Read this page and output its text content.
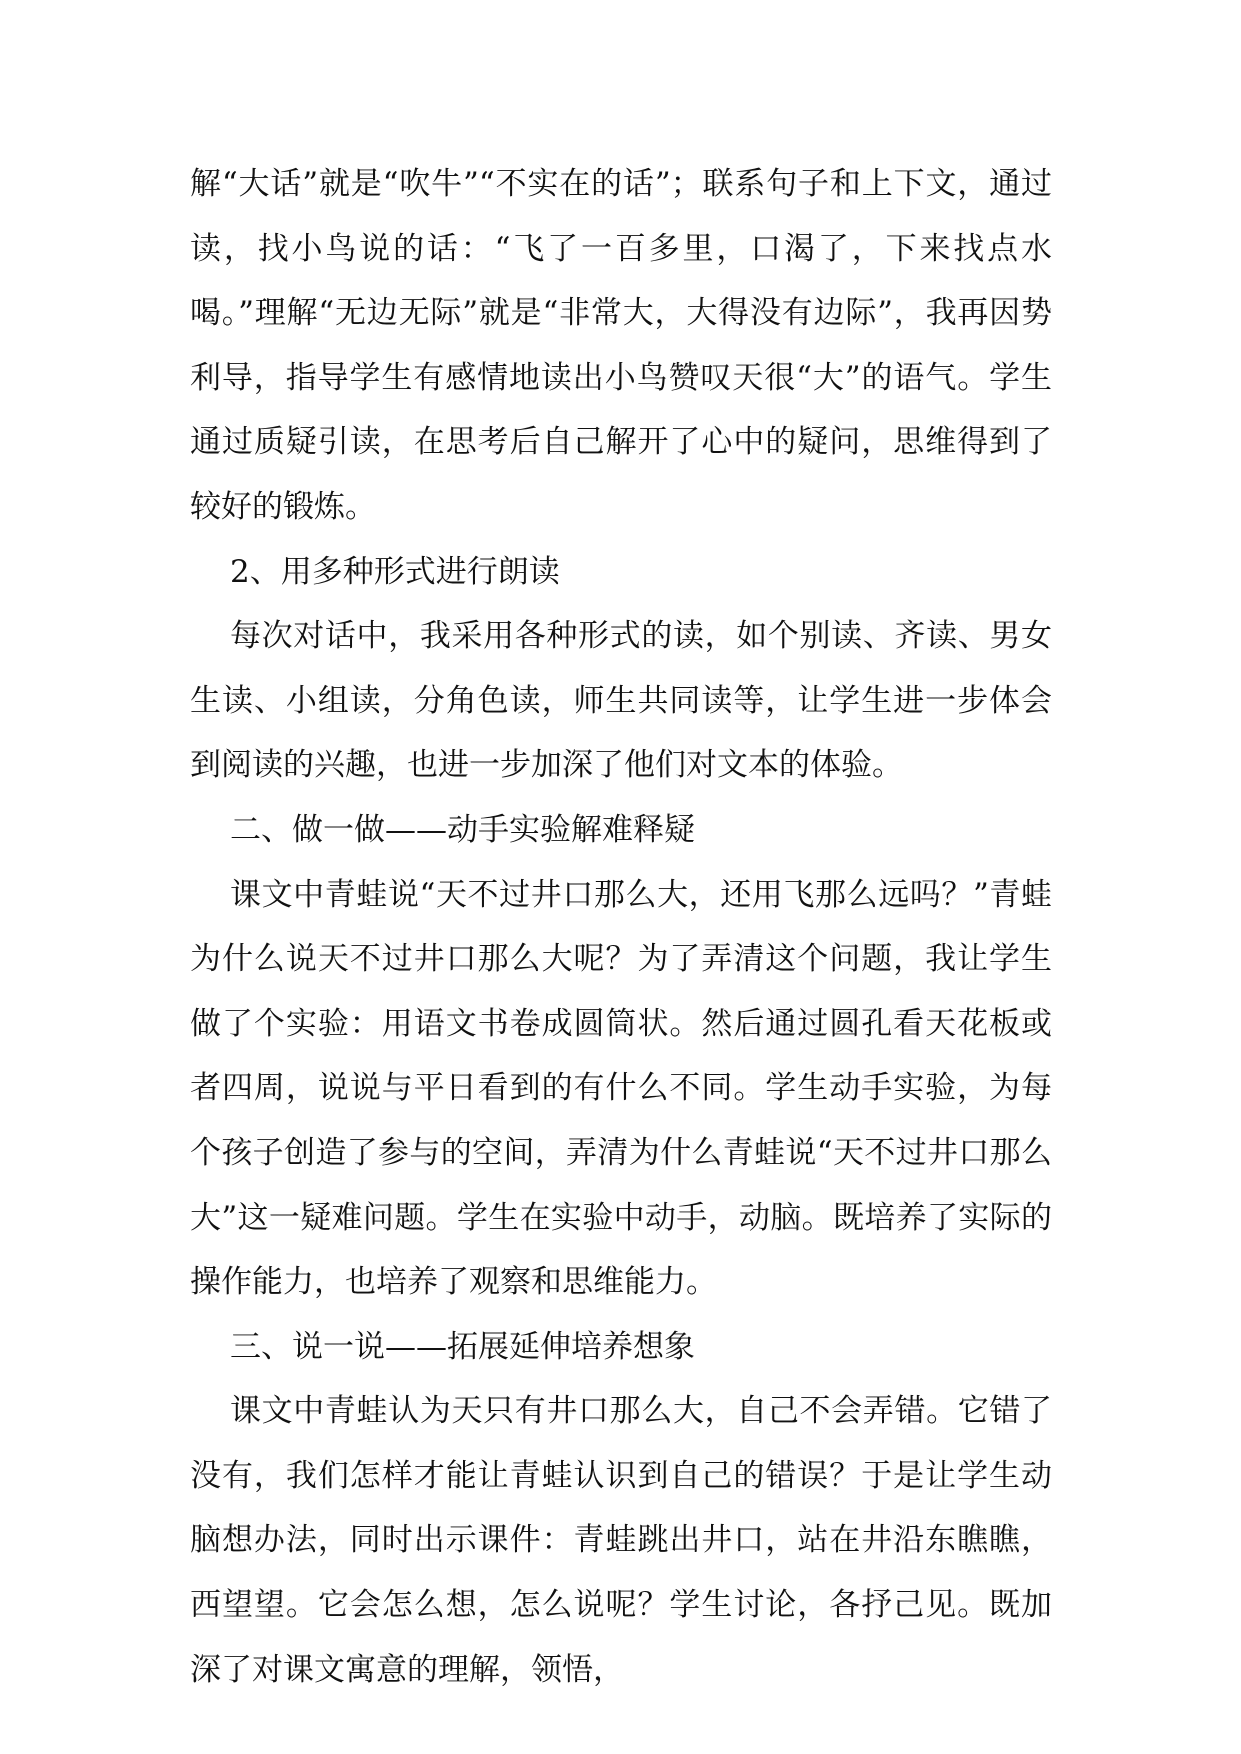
解“大话”就是“吹牛”“不实在的话”；联系句子和上下文，通过读，找小鸟说的话：“飞了一百多里，口渴了，下来找点水喝。”理解“无边无际”就是“非常大，大得没有边际”，我再因势利导，指导学生有感情地读出小鸟赞叹天很“大”的语气。学生通过质疑引读，在思考后自己解开了心中的疑问，思维得到了较好的锻炼。

2、用多种形式进行朗读

每次对话中，我采用各种形式的读，如个别读、齐读、男女生读、小组读，分角色读，师生共同读等，让学生进一步体会到阅读的兴趣，也进一步加深了他们对文本的体验。

二、做一做——动手实验解难释疑

课文中青蛙说“天不过井口那么大，还用飞那么远吗？”青蛙为什么说天不过井口那么大呢？为了弄清这个问题，我让学生做了个实验：用语文书卷成圆筒状。然后通过圆孔看天花板或者四周，说说与平日看到的有什么不同。学生动手实验，为每个孩子创造了参与的空间，弄清为什么青蛙说“天不过井口那么大”这一疑难问题。学生在实验中动手，动脑。既培养了实际的操作能力，也培养了观察和思维能力。

三、说一说——拓展延伸培养想象

课文中青蛙认为天只有井口那么大，自己不会弄错。它错了没有，我们怎样才能让青蛙认识到自己的错误？于是让学生动脑想办法，同时出示课件：青蛙跳出井口，站在井沿东瞧瞧，西望望。它会怎么想，怎么说呢？学生讨论，各抒己见。既加深了对课文寓意的理解，领悟，
